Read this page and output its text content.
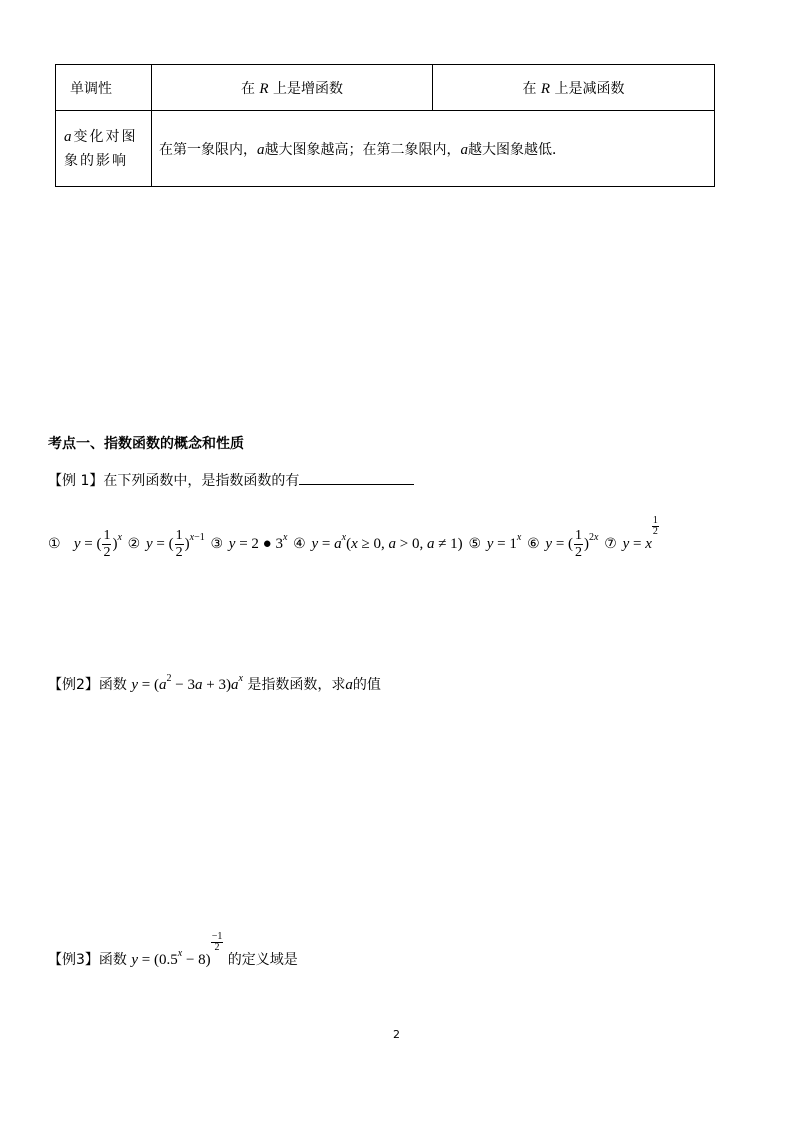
单调性	在 R 上是增函数	在 R 上是减函数
a变化对图
象的影响	在第一象限内，a越大图象越高；在第二象限内，a越大图象越低．	
考点一、指数函数的概念和性质
【例 1】在下列函数中，是指数函数的有
① y = ( $\frac{1}{2} )^x$ ② y = ( $\frac{1}{2} )^{x-1}$ ③ y = 2 ● 3$^x$ ④ $y = a^x(x \ge 0$, a > 0, a ≠ 1) ⑤ $y = 1^x$ ⑥ y = ( $\frac{1}{2} )^{2x}$ ⑦ y = x
$\frac{1}{2}$
【例2】函数 $y = (a^2 - 3a + 3)a^x$ 是指数函数，求a的值
【例3】函数 $y = (0.5^x - 8)$
$\frac{-1}{2}$
的定义域是
2
